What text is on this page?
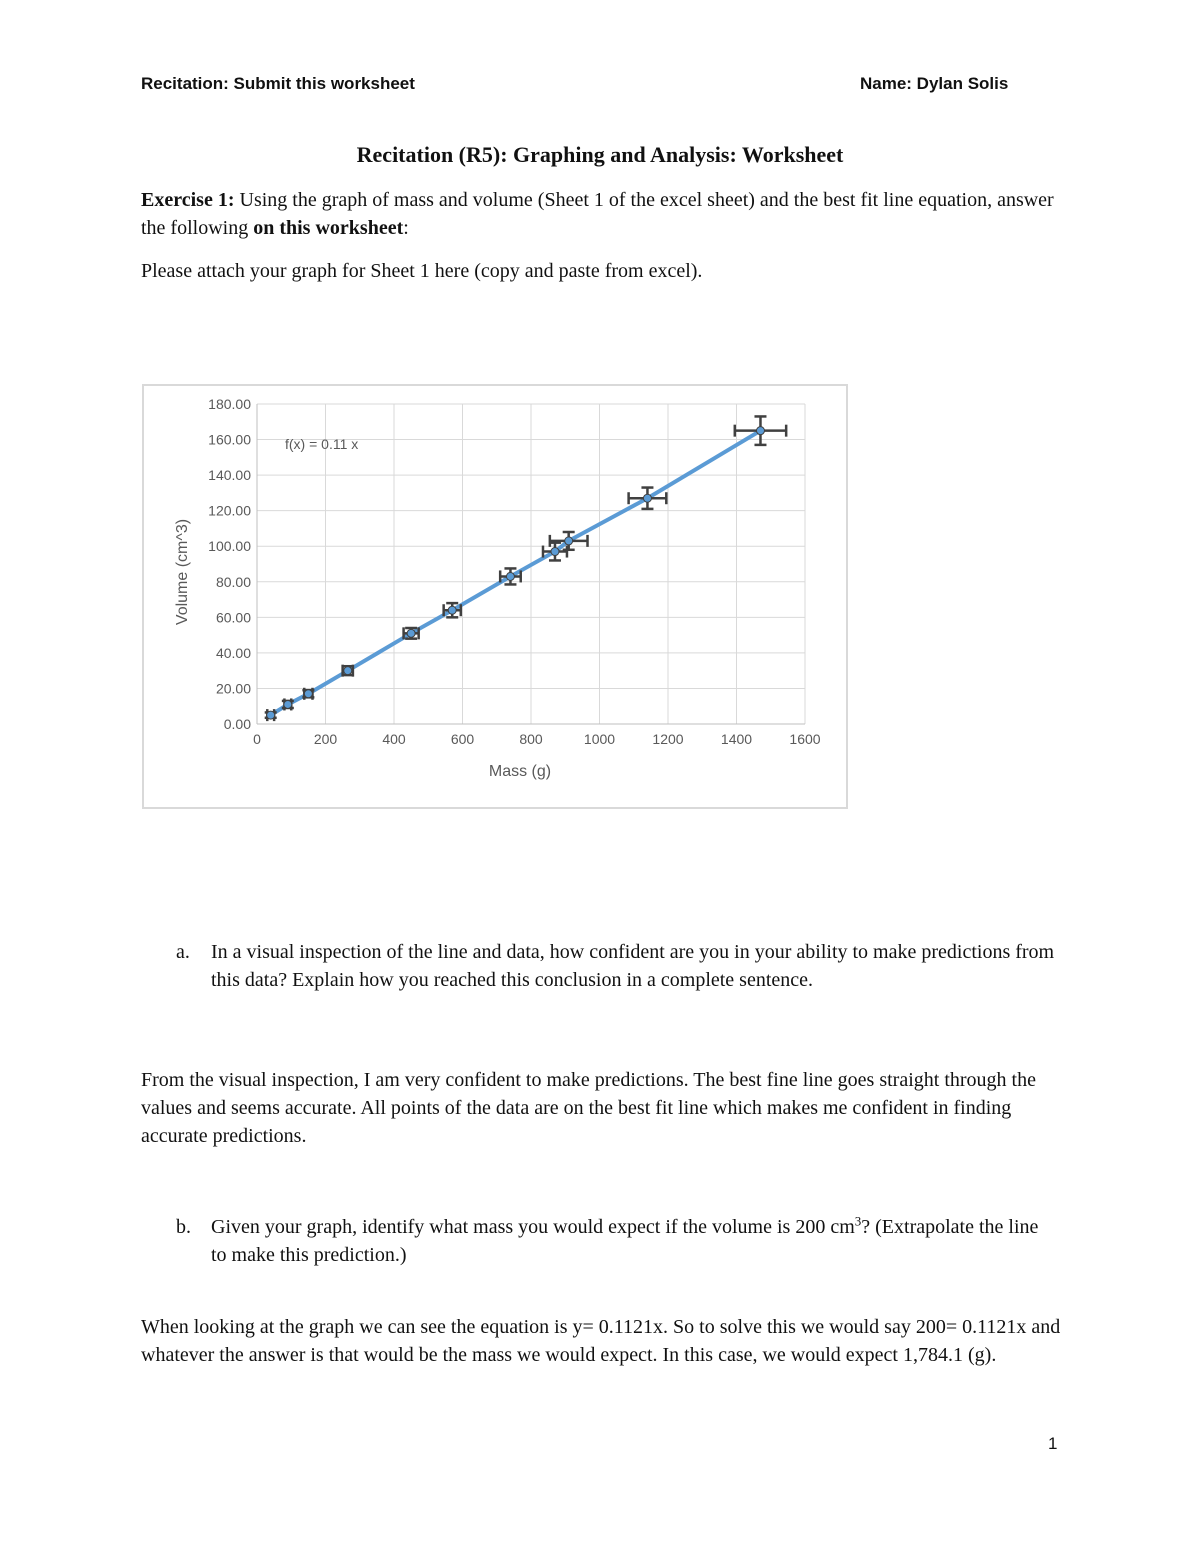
Recitation: Submit this worksheet	Name: Dylan Solis
Recitation (R5): Graphing and Analysis: Worksheet

Exercise 1: Using the graph of mass and volume (Sheet 1 of the excel sheet) and the best fit line equation, answer the following on this worksheet:

Please attach your graph for Sheet 1 here (copy and paste from excel).

0.00
20.00
40.00
60.00
80.00
100.00
120.00
140.00
160.00
180.00
0	200	400	600	800	1000	1200	1400	1600
f(x) = 0.11 x
Mass (g)
Volume (cm^3)
a. In a visual inspection of the line and data, how confident are you in your ability to make predictions from this data? Explain how you reached this conclusion in a complete sentence.

From the visual inspection, I am very confident to make predictions. The best fine line goes straight through the values and seems accurate. All points of the data are on the best fit line which makes me confident in finding accurate predictions.

b. Given your graph, identify what mass you would expect if the volume is 200 $cm^3$? (Extrapolate the line to make this prediction.)

When looking at the graph we can see the equation is y= 0.1121x. So to solve this we would say 200= 0.1121x and whatever the answer is that would be the mass we would expect. In this case, we would expect 1,784.1 (g).

1
